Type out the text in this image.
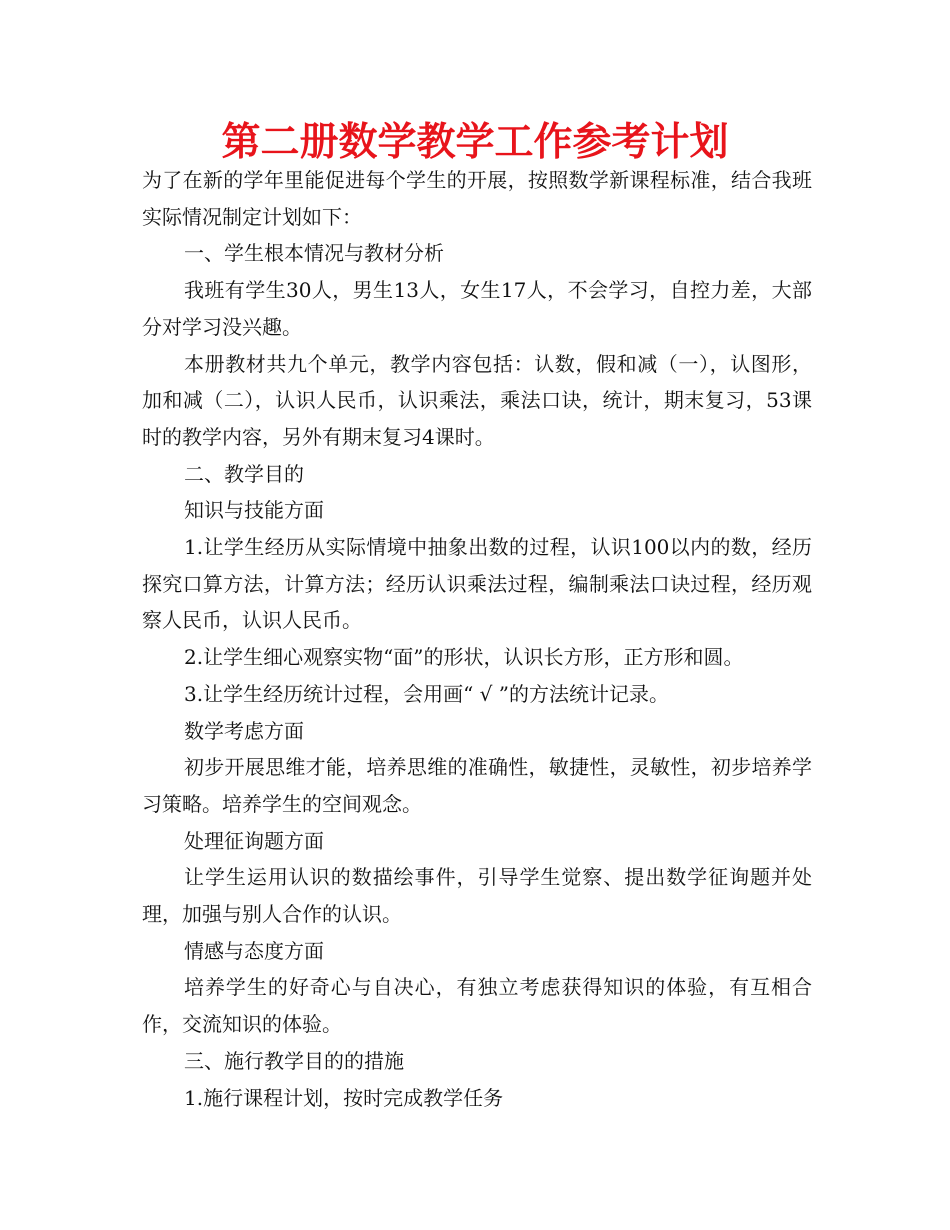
第二册数学教学工作参考计划

为了在新的学年里能促进每个学生的开展，按照数学新课程标准，结合我班实际情况制定计划如下：

一、学生根本情况与教材分析

我班有学生30人，男生13人，女生17人，不会学习，自控力差，大部分对学习没兴趣。

本册教材共九个单元，教学内容包括：认数，假和减（一），认图形，加和减（二），认识人民币，认识乘法，乘法口诀，统计，期末复习，53课时的教学内容，另外有期末复习4课时。

二、教学目的

知识与技能方面

1.让学生经历从实际情境中抽象出数的过程，认识100以内的数，经历探究口算方法，计算方法；经历认识乘法过程，编制乘法口诀过程，经历观察人民币，认识人民币。

2.让学生细心观察实物“面”的形状，认识长方形，正方形和圆。

3.让学生经历统计过程，会用画“ √ ”的方法统计记录。

数学考虑方面

初步开展思维才能，培养思维的准确性，敏捷性，灵敏性，初步培养学习策略。培养学生的空间观念。

处理征询题方面

让学生运用认识的数描绘事件，引导学生觉察、提出数学征询题并处理，加强与别人合作的认识。

情感与态度方面

培养学生的好奇心与自决心，有独立考虑获得知识的体验，有互相合作，交流知识的体验。

三、施行教学目的的措施

1.施行课程计划，按时完成教学任务
